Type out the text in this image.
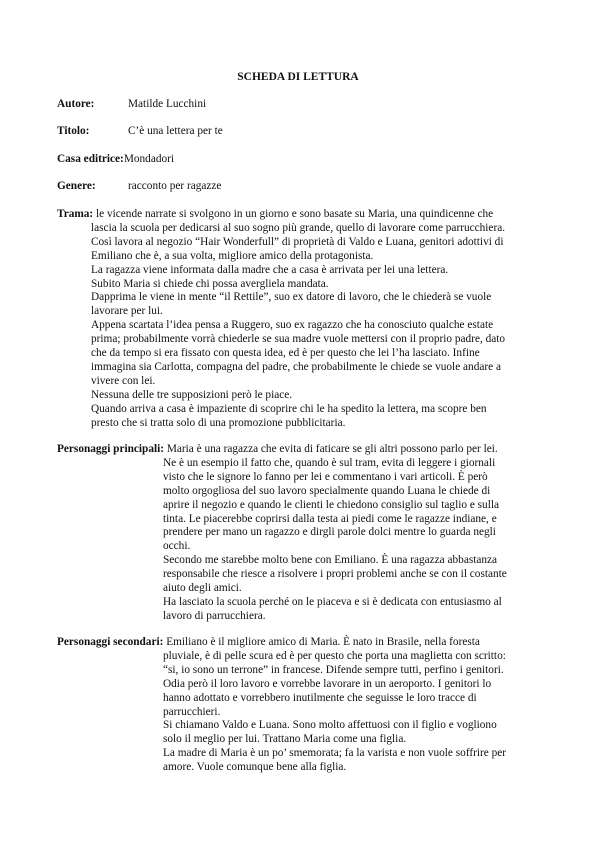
SCHEDA DI LETTURA
Autore:	Matilde Lucchini
Titolo:	C’è una lettera per te
Casa editrice:Mondadori
Genere:	racconto per ragazze
Trama: le vicende narrate si svolgono in un giorno e sono basate su Maria, una quindicenne che
lascia la scuola per dedicarsi al suo sogno più grande, quello di lavorare come parrucchiera.
Così lavora al negozio “Hair Wonderfull” di proprietà di Valdo e Luana, genitori adottivi di
Emiliano che è, a sua volta, migliore amico della protagonista.
La ragazza viene informata dalla madre che a casa è arrivata per lei una lettera.
Subito Maria si chiede chi possa avergliela mandata.
Dapprima le viene in mente “il Rettile”, suo ex datore di lavoro, che le chiederà se vuole
lavorare per lui.
Appena scartata l’idea pensa a Ruggero, suo ex ragazzo che ha conosciuto qualche estate
prima; probabilmente vorrà chiederle se sua madre vuole mettersi con il proprio padre, dato
che da tempo si era fissato con questa idea, ed è per questo che lei l’ha lasciato. Infine
immagina sia Carlotta, compagna del padre, che probabilmente le chiede se vuole andare a
vivere con lei.
Nessuna delle tre supposizioni però le piace.
Quando arriva a casa è impaziente di scoprire chi le ha spedito la lettera, ma scopre ben
presto che si tratta solo di una promozione pubblicitaria.
Personaggi principali: Maria è una ragazza che evita di faticare se gli altri possono parlo per lei.
Ne è un esempio il fatto che, quando è sul tram, evita di leggere i giornali
visto che le signore lo fanno per lei e commentano i vari articoli. È però
molto orgogliosa del suo lavoro specialmente quando Luana le chiede di
aprire il negozio e quando le clienti le chiedono consiglio sul taglio e sulla
tinta. Le piacerebbe coprirsi dalla testa ai piedi come le ragazze indiane, e
prendere per mano un ragazzo e dirgli parole dolci mentre lo guarda negli
occhi.
Secondo me starebbe molto bene con Emiliano. È una ragazza abbastanza
responsabile che riesce a risolvere i propri problemi anche se con il costante
aiuto degli amici.
Ha lasciato la scuola perché on le piaceva e si è dedicata con entusiasmo al
lavoro di parrucchiera.
Personaggi secondari: Emiliano è il migliore amico di Maria. È nato in Brasile, nella foresta
pluviale, è di pelle scura ed è per questo che porta una maglietta con scritto:
“si, io sono un terrone” in francese. Difende sempre tutti, perfino i genitori.
Odia però il loro lavoro e vorrebbe lavorare in un aeroporto. I genitori lo
hanno adottato e vorrebbero inutilmente che seguisse le loro tracce di
parrucchieri.
Si chiamano Valdo e Luana. Sono molto affettuosi con il figlio e vogliono
solo il meglio per lui. Trattano Maria come una figlia.
La madre di Maria è un po’ smemorata; fa la varista e non vuole soffrire per
amore. Vuole comunque bene alla figlia.
